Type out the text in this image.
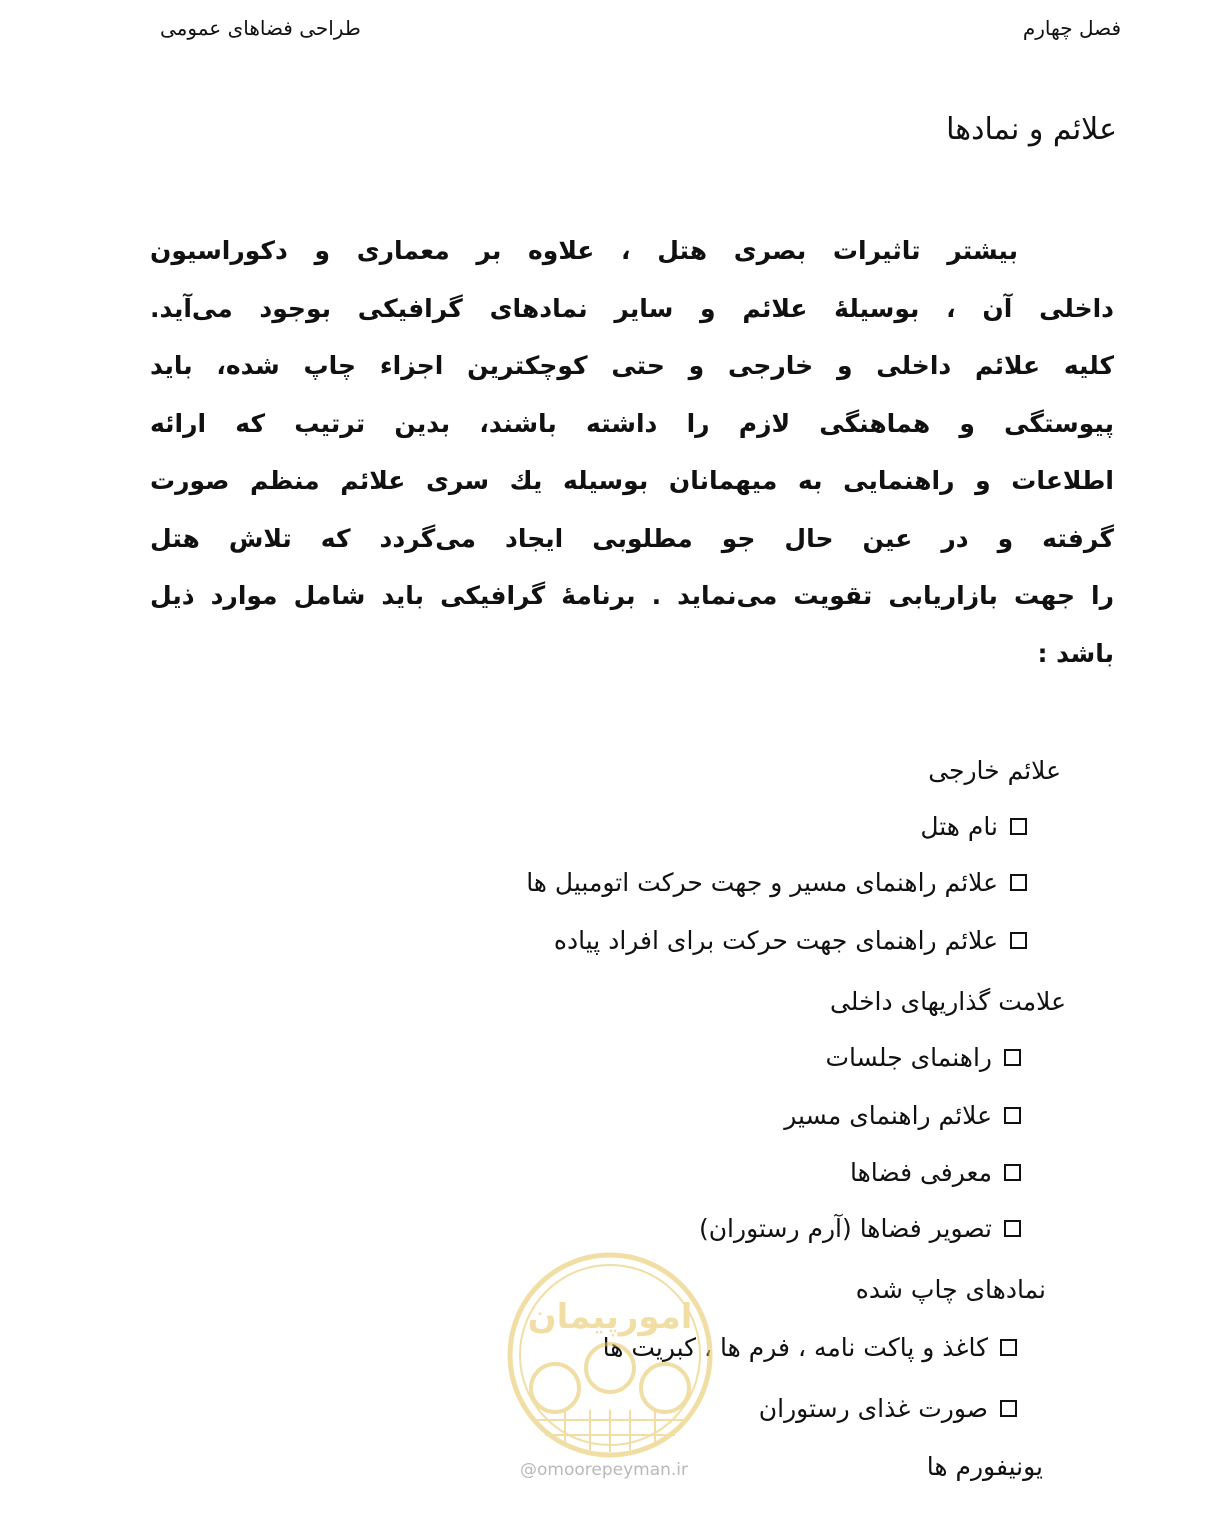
فصل چهارم
طراحی فضاهای عمومی
علائم و نمادها
بیشتر تاثیرات بصری هتل ، علاوه بر معماری و دکوراسیون
داخلی آن ، بوسیلهٔ علائم و سایر نمادهای گرافیکی بوجود می‌آید.
کلیه علائم داخلی و خارجی و حتی کوچکترین اجزاء چاپ شده، باید
پیوستگی و هماهنگی لازم را داشته باشند، بدین ترتیب که ارائه
اطلاعات و راهنمایی به میهمانان بوسیله یك سری علائم منظم صورت
گرفته و در عین حال جو مطلوبی ایجاد می‌گردد که تلاش هتل
را جهت بازاریابی تقویت می‌نماید . برنامهٔ گرافیکی باید شامل موارد ذیل
باشد :
علائم خارجی
نام هتل
علائم راهنمای مسیر و جهت حرکت اتومبیل ها
علائم راهنمای جهت حرکت برای افراد پیاده
علامت گذاریهای داخلی
راهنمای جلسات
علائم راهنمای مسیر
معرفی فضاها
تصویر فضاها (آرم رستوران)
نمادهای چاپ شده
كاغذ و پاکت نامه ، فرم ها ، کبریت ها
صورت غذای رستوران
یونیفورم ها
امورپیمان
@omoorepeyman.ir
